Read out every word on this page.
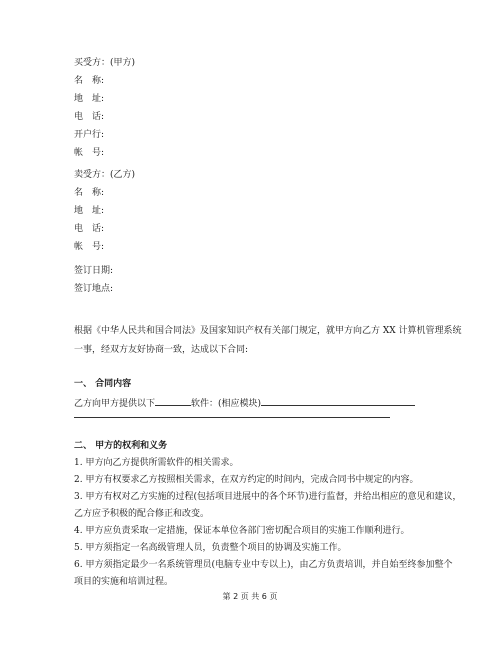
买受方：(甲方)
名　称:
地　址:
电　话:
开户行:
帐　号:
卖受方：(乙方)
名　称:
地　址:
电　话:
帐　号:
签订日期:
签订地点:
根据《中华人民共和国合同法》及国家知识产权有关部门规定，就甲方向乙方 XX 计算机管理系统
一事，经双方友好协商一致，达成以下合同:
一、 合同内容
乙方向甲方提供以下	软件：(相应模块)
二、 甲方的权利和义务
1. 甲方向乙方提供所需软件的相关需求。
2. 甲方有权要求乙方按照相关需求，在双方约定的时间内，完成合同书中规定的内容。
3. 甲方有权对乙方实施的过程(包括项目进展中的各个环节)进行监督，并给出相应的意见和建议，
乙方应予积极的配合修正和改变。
4. 甲方应负责采取一定措施，保证本单位各部门密切配合项目的实施工作顺利进行。
5. 甲方须指定一名高级管理人员，负责整个项目的协调及实施工作。
6. 甲方须指定最少一名系统管理员(电脑专业中专以上)，由乙方负责培训，并自始至终参加整个
项目的实施和培训过程。
第 2 页 共 6 页
